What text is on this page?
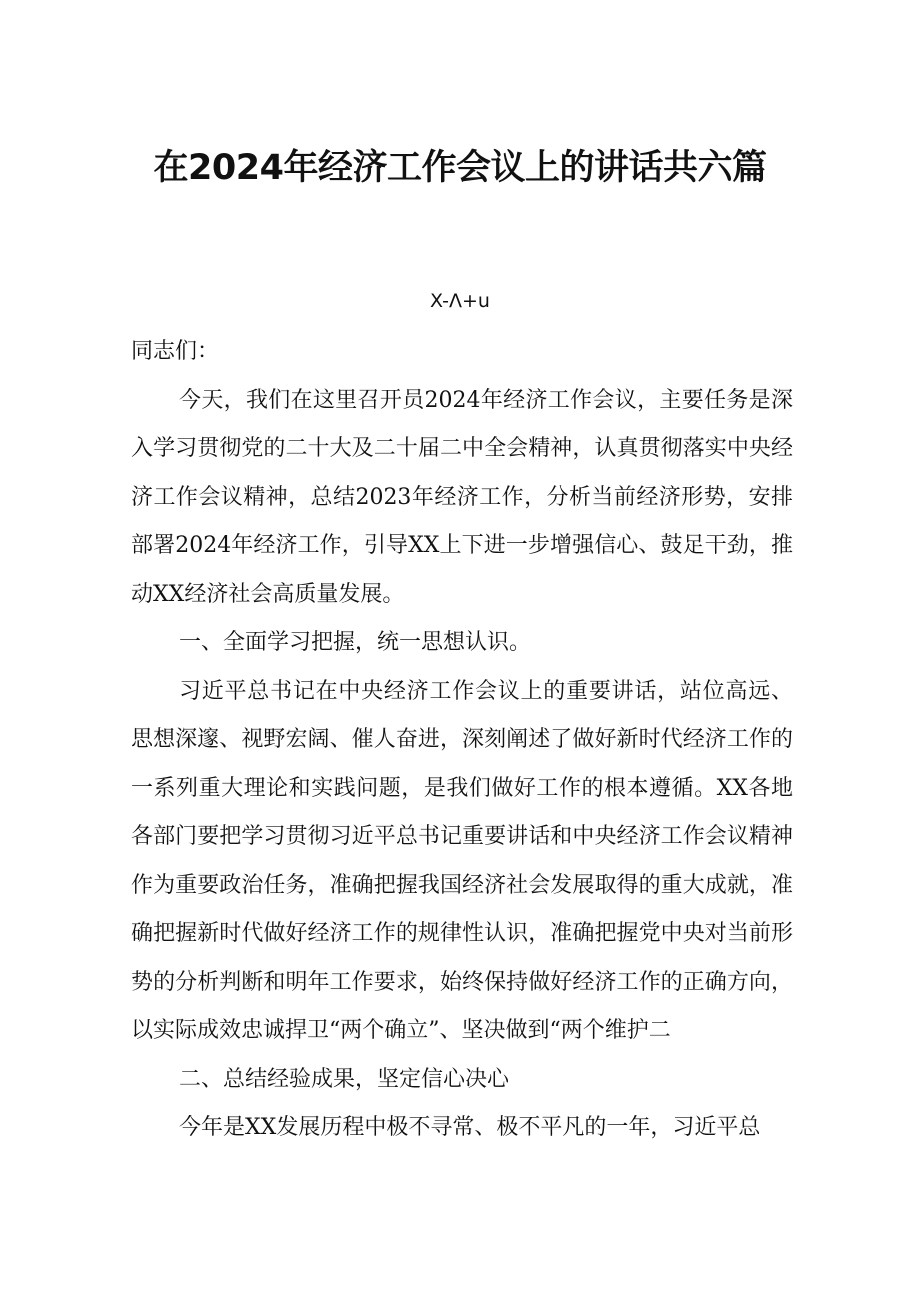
在2024年经济工作会议上的讲话共六篇
X-Λ+u

同志们：

今天，我们在这里召开员2024年经济工作会议，主要任务是深入学习贯彻党的二十大及二十届二中全会精神，认真贯彻落实中央经济工作会议精神，总结2023年经济工作，分析当前经济形势，安排部署2024年经济工作，引导XX上下进一步增强信心、鼓足干劲，推动XX经济社会高质量发展。

一、全面学习把握，统一思想认识。

习近平总书记在中央经济工作会议上的重要讲话，站位高远、思想深邃、视野宏阔、催人奋进，深刻阐述了做好新时代经济工作的一系列重大理论和实践问题，是我们做好工作的根本遵循。XX各地各部门要把学习贯彻习近平总书记重要讲话和中央经济工作会议精神作为重要政治任务，准确把握我国经济社会发展取得的重大成就，准确把握新时代做好经济工作的规律性认识，准确把握党中央对当前形势的分析判断和明年工作要求，始终保持做好经济工作的正确方向，以实际成效忠诚捍卫“两个确立”、坚决做到“两个维护二

二、总结经验成果，坚定信心决心

今年是XX发展历程中极不寻常、极不平凡的一年，习近平总
